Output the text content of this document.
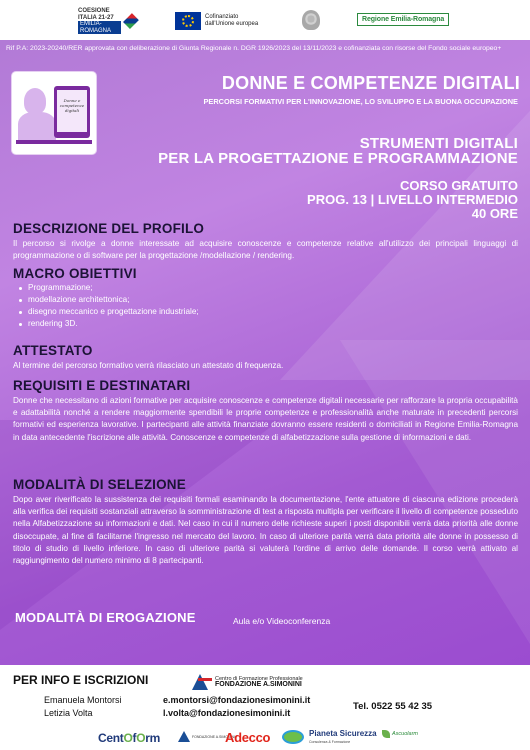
COESIONE
ITALIA 21-27
EMILIA-ROMAGNA
Cofinanziato
dall'Unione europea
Regione Emilia-Romagna
Rif P.A: 2023-20240/RER approvata con deliberazione di Giunta Regionale n. DGR 1926/2023 del 13/11/2023 e cofinanziata con risorse del Fondo sociale europeo+
Donne e
competenze digitali
DONNE E COMPETENZE DIGITALI
PERCORSI FORMATIVI PER L'INNOVAZIONE, LO SVILUPPO E LA BUONA OCCUPAZIONE
STRUMENTI DIGITALI
PER LA PROGETTAZIONE E PROGRAMMAZIONE
CORSO GRATUITO
PROG. 13 | LIVELLO INTERMEDIO
40 ORE
DESCRIZIONE DEL PROFILO
Il percorso si rivolge a donne interessate ad acquisire conoscenze e competenze relative all'utilizzo dei principali linguaggi di programmazione o di software per la progettazione /modellazione / rendering.
MACRO OBIETTIVI
Programmazione;
modellazione architettonica;
disegno meccanico e progettazione industriale;
rendering 3D.
ATTESTATO
Al termine del percorso formativo verrà rilasciato un attestato di frequenza.
REQUISITI E DESTINATARI
Donne che necessitano di azioni formative per acquisire conoscenze e competenze digitali necessarie per rafforzare la propria occupabilità e adattabilità nonché a rendere maggiormente spendibili le proprie competenze e professionalità anche maturate in precedenti percorsi formativi ed esperienza lavorative. I partecipanti alle attività finanziate dovranno essere residenti o domiciliati in Regione Emilia-Romagna in data antecedente l'iscrizione alle attività. Conoscenze e competenze di alfabetizzazione sulla gestione di informazioni e dati.
MODALITÀ DI SELEZIONE
Dopo aver riverificato la sussistenza dei requisiti formali esaminando la documentazione, l'ente attuatore di ciascuna edizione procederà alla verifica dei requisiti sostanziali attraverso la somministrazione di test a risposta multipla per verificare il livello di competenze posseduto nella Alfabetizzazione su informazioni e dati. Nel caso in cui il numero delle richieste superi i posti disponibili verrà data priorità alle donne disoccupate, al fine di facilitarne l'ingresso nel mercato del lavoro. In caso di ulteriore parità verrà data priorità alle donne in possesso di titolo di studio di livello inferiore. In caso di ulteriore parità si valuterà l'ordine di arrivo delle domande. Il corso verrà attivato al raggiungimento del numero minimo di 8 partecipanti.
MODALITÀ DI EROGAZIONE	Aula e/o Videoconferenza
PER INFO E ISCRIZIONI	Centro di Formazione Professionale
FONDAZIONE A.SIMONINI
Emanuela Montorsi
Letizia Volta
e.montorsi@fondazionesimonini.it
l.volta@fondazionesimonini.it
Tel. 0522 55 42 35
Cent O f O rm	FONDAZIONE A.SIMONINI
Adecco	Pianeta Sicurezza
Consulenza & Formazione
Ascuolarm
